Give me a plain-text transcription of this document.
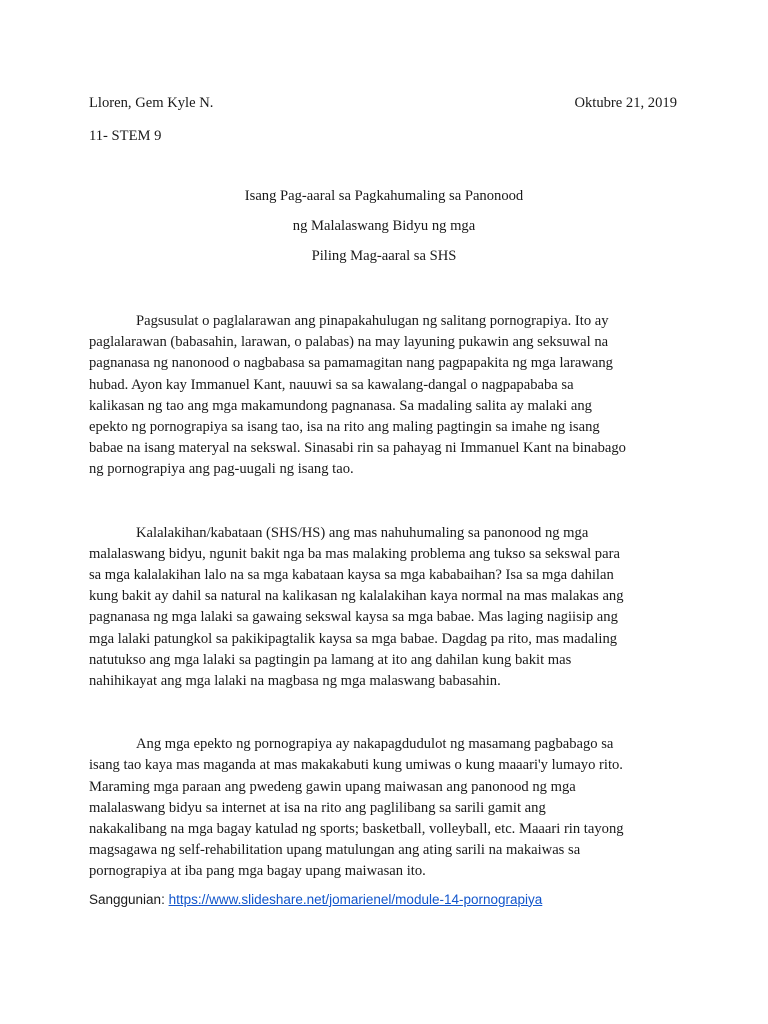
Lloren, Gem Kyle N.	Oktubre 21, 2019
11- STEM 9
Isang Pag-aaral sa Pagkahumaling sa Panonood
ng Malalaswang Bidyu ng mga
Piling Mag-aaral sa SHS

Pagsusulat o paglalarawan ang pinapakahulugan ng salitang pornograpiya. Ito ay
paglalarawan (babasahin, larawan, o palabas) na may layuning pukawin ang seksuwal na
pagnanasa ng nanonood o nagbabasa sa pamamagitan nang pagpapakita ng mga larawang
hubad. Ayon kay Immanuel Kant, nauuwi sa sa kawalang-dangal o nagpapababa sa
kalikasan ng tao ang mga makamundong pagnanasa. Sa madaling salita ay malaki ang
epekto ng pornograpiya sa isang tao, isa na rito ang maling pagtingin sa imahe ng isang
babae na isang materyal na sekswal. Sinasabi rin sa pahayag ni Immanuel Kant na binabago
ng pornograpiya ang pag-uugali ng isang tao.

Kalalakihan/kabataan (SHS/HS) ang mas nahuhumaling sa panonood ng mga
malalaswang bidyu, ngunit bakit nga ba mas malaking problema ang tukso sa sekswal para
sa mga kalalakihan lalo na sa mga kabataan kaysa sa mga kababaihan? Isa sa mga dahilan
kung bakit ay dahil sa natural na kalikasan ng kalalakihan kaya normal na mas malakas ang
pagnanasa ng mga lalaki sa gawaing sekswal kaysa sa mga babae. Mas laging nagiisip ang
mga lalaki patungkol sa pakikipagtalik kaysa sa mga babae. Dagdag pa rito, mas madaling
natutukso ang mga lalaki sa pagtingin pa lamang at ito ang dahilan kung bakit mas
nahihikayat ang mga lalaki na magbasa ng mga malaswang babasahin.

Ang mga epekto ng pornograpiya ay nakapagdudulot ng masamang pagbabago sa
isang tao kaya mas maganda at mas makakabuti kung umiwas o kung maaari'y lumayo rito.
Maraming mga paraan ang pwedeng gawin upang maiwasan ang panonood ng mga
malalaswang bidyu sa internet at isa na rito ang paglilibang sa sarili gamit ang
nakakalibang na mga bagay katulad ng sports; basketball, volleyball, etc. Maaari rin tayong
magsagawa ng self-rehabilitation upang matulungan ang ating sarili na makaiwas sa
pornograpiya at iba pang mga bagay upang maiwasan ito.

Sanggunian: https://www.slideshare.net/jomarienel/module-14-pornograpiya
